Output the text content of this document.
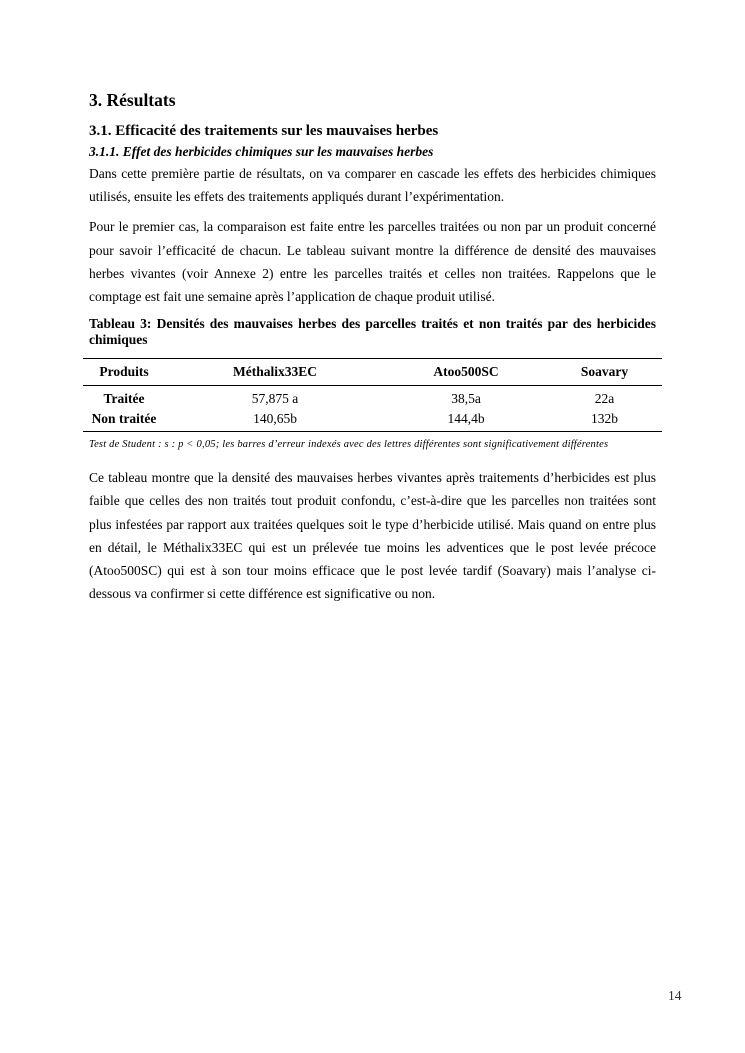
3. Résultats
3.1. Efficacité des traitements sur les mauvaises herbes
3.1.1. Effet des herbicides chimiques sur les mauvaises herbes

Dans cette première partie de résultats, on va comparer en cascade les effets des herbicides chimiques utilisés, ensuite les effets des traitements appliqués durant l’expérimentation.

Pour le premier cas, la comparaison est faite entre les parcelles traitées ou non par un produit concerné pour savoir l’efficacité de chacun. Le tableau suivant montre la différence de densité des mauvaises herbes vivantes (voir Annexe 2) entre les parcelles traités et celles non traitées. Rappelons que le comptage est fait une semaine après l’application de chaque produit utilisé.

Tableau 3: Densités des mauvaises herbes des parcelles traités et non traités par des herbicides chimiques

Produits	Méthalix33EC	Atoo500SC	Soavary
Traitée	57,875 a	38,5a	22a
Non traitée	140,65b	144,4b	132b

Test de Student : s : p ˂ 0,05; les barres d’erreur indexés avec des lettres différentes sont significativement différentes

Ce tableau montre que la densité des mauvaises herbes vivantes après traitements d’herbicides est plus faible que celles des non traités tout produit confondu, c’est-à-dire que les parcelles non traitées sont plus infestées par rapport aux traitées quelques soit le type d’herbicide utilisé. Mais quand on entre plus en détail, le Méthalix33EC qui est un prélevée tue moins les adventices que le post levée précoce (Atoo500SC) qui est à son tour moins efficace que le post levée tardif (Soavary) mais l’analyse ci-dessous va confirmer si cette différence est significative ou non.

14
